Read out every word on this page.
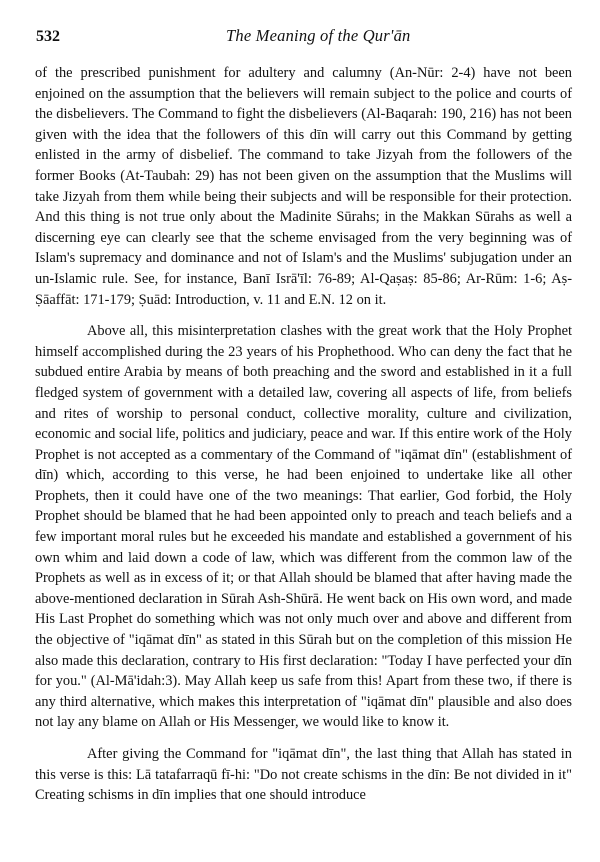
532	The Meaning of the Qur'ān

of the prescribed punishment for adultery and calumny (An-Nūr: 2-4) have not been enjoined on the assumption that the believers will remain subject to the police and courts of the disbelievers. The Command to fight the disbelievers (Al-Baqarah: 190, 216) has not been given with the idea that the followers of this dīn will carry out this Command by getting enlisted in the army of disbelief. The command to take Jizyah from the followers of the former Books (At-Taubah: 29) has not been given on the assumption that the Muslims will take Jizyah from them while being their subjects and will be responsible for their protection. And this thing is not true only about the Madinite Sūrahs; in the Makkan Sūrahs as well a discerning eye can clearly see that the scheme envisaged from the very beginning was of Islam's supremacy and dominance and not of Islam's and the Muslims' subjugation under an un-Islamic rule. See, for instance, Banī Isrā'īl: 76-89; Al-Qaṣaṣ: 85-86; Ar-Rūm: 1-6; Aṣ-Ṣāaffāt: 171-179; Ṣuād: Introduction, v. 11 and E.N. 12 on it.

Above all, this misinterpretation clashes with the great work that the Holy Prophet himself accomplished during the 23 years of his Prophethood. Who can deny the fact that he subdued entire Arabia by means of both preaching and the sword and established in it a full fledged system of government with a detailed law, covering all aspects of life, from beliefs and rites of worship to personal conduct, collective morality, culture and civilization, economic and social life, politics and judiciary, peace and war. If this entire work of the Holy Prophet is not accepted as a commentary of the Command of "iqāmat dīn" (establishment of dīn) which, according to this verse, he had been enjoined to undertake like all other Prophets, then it could have one of the two meanings: That earlier, God forbid, the Holy Prophet should be blamed that he had been appointed only to preach and teach beliefs and a few important moral rules but he exceeded his mandate and established a government of his own whim and laid down a code of law, which was different from the common law of the Prophets as well as in excess of it; or that Allah should be blamed that after having made the above-mentioned declaration in Sūrah Ash-Shūrā. He went back on His own word, and made His Last Prophet do something which was not only much over and above and different from the objective of "iqāmat dīn" as stated in this Sūrah but on the completion of this mission He also made this declaration, contrary to His first declaration: "Today I have perfected your dīn for you." (Al-Mā'idah:3). May Allah keep us safe from this! Apart from these two, if there is any third alternative, which makes this interpretation of "iqāmat dīn" plausible and also does not lay any blame on Allah or His Messenger, we would like to know it.

After giving the Command for "iqāmat dīn", the last thing that Allah has stated in this verse is this: Lā tatafarraqū fī-hi: "Do not create schisms in the dīn: Be not divided in it" Creating schisms in dīn implies that one should introduce
